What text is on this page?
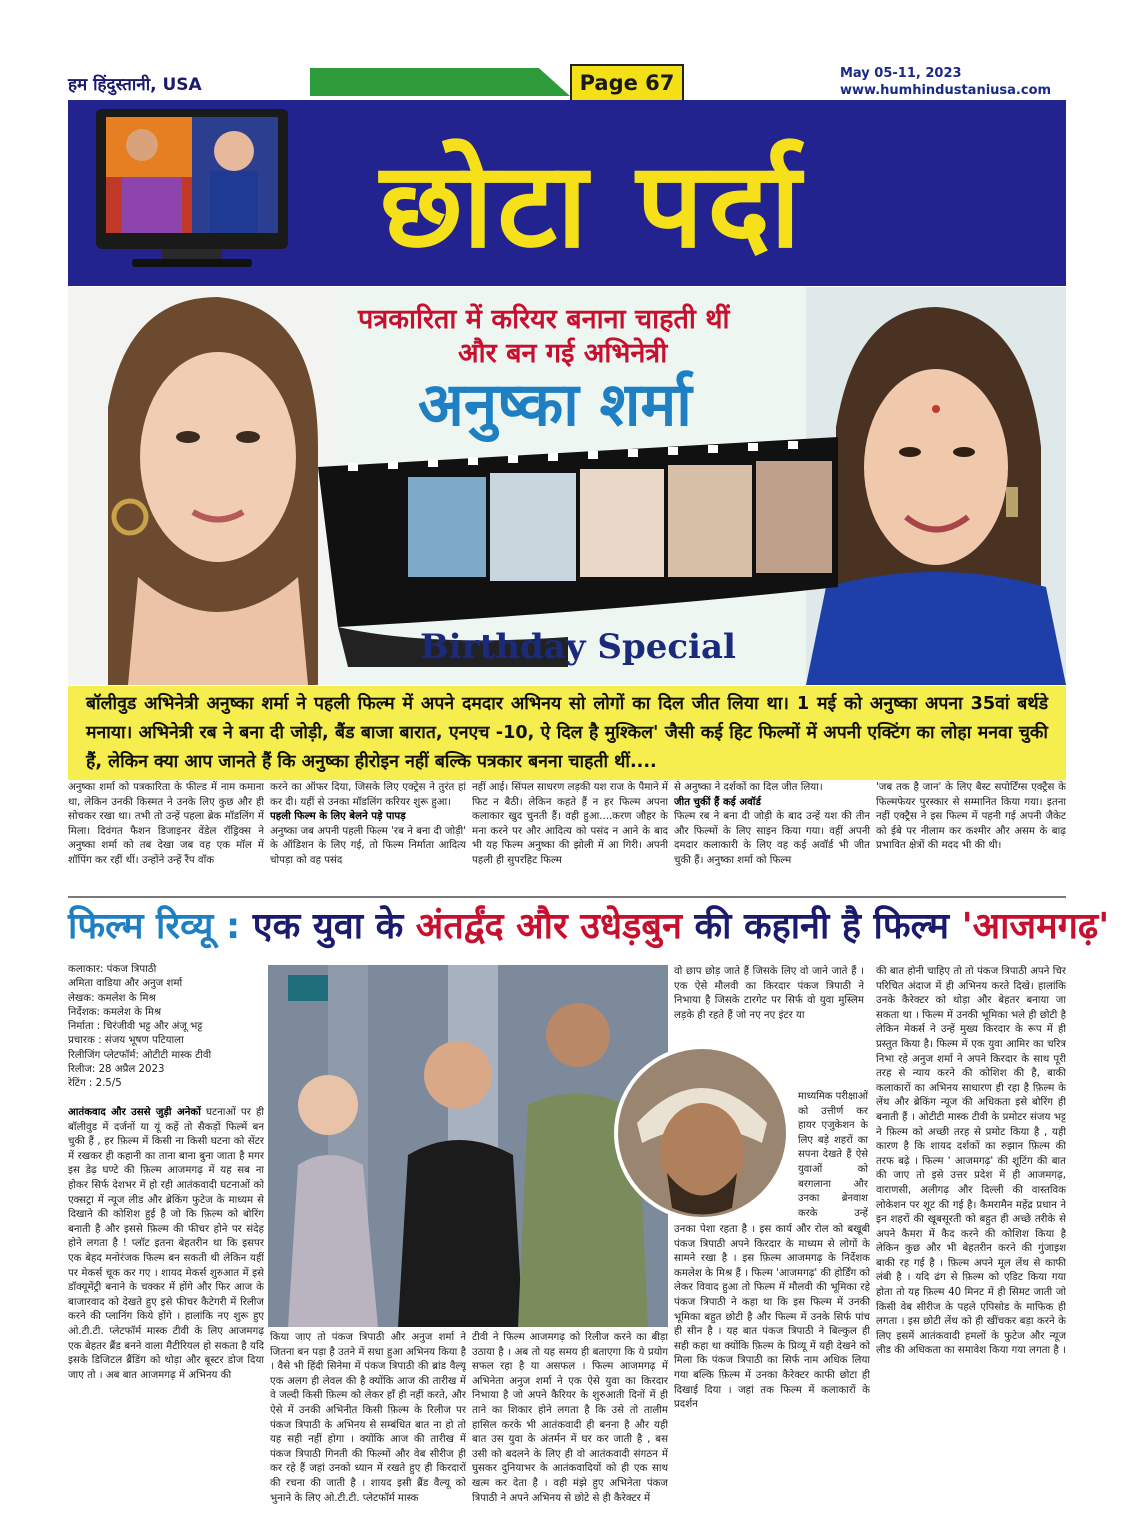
हम हिंदुस्तानी, USA	Page 67	May 05-11, 2023
www.humhindustaniusa.com
छोटा पर्दा
पत्रकारिता में करियर बनाना चाहती थीं
और बन गई अभिनेत्री
अनुष्का शर्मा
Birthday Special
बॉलीवुड अभिनेत्री अनुष्का शर्मा ने पहली फिल्म में अपने दमदार अभिनय सो लोगों का दिल जीत लिया था। 1 मई को अनुष्का अपना 35वां बर्थडे मनाया। अभिनेत्री रब ने बना दी जोड़ी, बैंड बाजा बारात, एनएच -10, ऐ दिल है मुश्किल' जैसी कई हिट फिल्मों में अपनी एक्टिंग का लोहा मनवा चुकी हैं, लेकिन क्या आप जानते हैं कि अनुष्का हीरोइन नहीं बल्कि पत्रकार बनना चाहती थीं....
अनुष्का शर्मा को पत्रकारिता के फील्ड में नाम कमाना था, लेकिन उनकी किस्मत ने उनके लिए कुछ और ही सोचकर रखा था। तभी तो उन्हें पहला ब्रेक मॉडलिंग में मिला। दिवंगत फैशन डिजाइनर वेंडेल रॉड्रिक्स ने अनुष्का शर्मा को तब देखा जब वह एक मॉल में शॉपिंग कर रहीं थीं। उन्होंने उन्हें रैंप वॉक
करने का ऑफर दिया, जिसके लिए एक्ट्रेस ने तुरंत हां कर दी। यहीं से उनका मॉडलिंग करियर शुरू हुआ।
पहली फिल्म के लिए बेलने पड़े पापड़
अनुष्का जब अपनी पहली फिल्म 'रब ने बना दी जोड़ी' के ऑडिशन के लिए गई, तो फिल्म निर्माता आदित्य चोपड़ा को वह पसंद
नहीं आई। सिंपल साधरण लड़की यश राज के पैमाने में फिट न बैठी। लेकिन कहते हैं न हर फिल्म अपना कलाकार खुद चुनती हैं। वही हुआ....करण जौहर के मना करने पर और आदित्य को पसंद न आने के बाद भी यह फिल्म अनुष्का की झोली में आ गिरी। अपनी पहली ही सुपरहिट फिल्म
से अनुष्का ने दर्शकों का दिल जीत लिया।
जीत चुकीं हैं कई अवॉर्ड
फिल्म रब ने बना दी जोड़ी के बाद उन्हें यश की तीन और फिल्मों के लिए साइन किया गया। वहीं अपनी दमदार कलाकारी के लिए वह कई अवॉर्ड भी जीत चुकी हैं। अनुष्का शर्मा को फिल्म
'जब तक है जान' के लिए बैस्ट सपोर्टिंग्स एक्ट्रैस के फिल्मफेयर पुरस्कार से सम्मानित किया गया। इतना नहीं एक्ट्रैस ने इस फिल्म में पहनी गई अपनी जैकेट को ईबे पर नीलाम कर कश्मीर और असम के बाढ़ प्रभावित क्षेत्रों की मदद भी की थी।
फिल्म रिव्यू : एक युवा के अंतर्द्वंद और उधेड़बुन की कहानी है फिल्म 'आजमगढ़'
कलाकार: पंकज त्रिपाठी
अमिता वाडिया और अनुज शर्मा
लेखक: कमलेश के मिश्र
निर्देशक: कमलेश के मिश्र
निर्माता : चिरंजीवी भट्ट और अंजू भट्ट
प्रचारक : संजय भूषण पटियाला
रिलीजिंग प्लेटफॉर्म: ओटीटी मास्क टीवी
रिलीज: 28 अप्रैल 2023
रेटिंग : 2.5/5
आतंकवाद और उससे जुड़ी अनेकों घटनाओं पर ही बॉलीवुड में दर्जनों या यूं कहें तो सैकड़ों फिल्में बन चुकी हैं , हर फ़िल्म में किसी ना किसी घटना को सेंटर में रखकर ही कहानी का ताना बाना बुना जाता है मगर इस डेढ़ घण्टे की फ़िल्म आजमगढ़ में यह सब ना होकर सिर्फ देशभर में हो रही आतंकवादी घटनाओं को एक्सट्रा में न्यूज लीड और ब्रेकिंग फुटेज के माध्यम से दिखाने की कोशिश हुई है जो कि फ़िल्म को बोरिंग बनाती है और इससे फ़िल्म की फीचर होने पर संदेह होने लगता है ! प्लॉट इतना बेहतरीन था कि इसपर एक बेहद मनोरंजक फिल्म बन सकती थी लेकिन यहीं पर मेकर्स चूक कर गए । शायद मेकर्स शुरुआत में इसे डॉक्यूमेंट्री बनाने के चक्कर में होंगे और फिर आज के बाजारवाद को देखते हुए इसे फीचर कैटेगरी में रिलीज करने की प्लानिंग किये होंगे । हालांकि नए शुरू हुए ओ.टी.टी. प्लेटफॉर्म मास्क टीवी के लिए आजमगढ़ एक बेहतर ब्रैंड बनने वाला मैटीरियल हो सकता है यदि इसके डिजिटल ब्रैंडिंग को थोड़ा और बूस्टर डोज दिया जाए तो । अब बात आजमगढ़ में अभिनय की
किया जाए तो पंकज त्रिपाठी और अनुज शर्मा ने जितना बन पड़ा है उतने में सधा हुआ अभिनय किया है । वैसे भी हिंदी सिनेमा में पंकज त्रिपाठी की ब्रांड वैल्यू एक अलग ही लेवल की है क्योंकि आज की तारीख में वे जल्दी किसी फ़िल्म को लेकर हाँ ही नहीं करते, और ऐसे में उनकी अभिनीत किसी फ़िल्म के रिलीज पर पंकज त्रिपाठी के अभिनय से सम्बंधित बात ना हो तो यह सही नहीं होगा । क्योंकि आज की तारीख में पंकज त्रिपाठी गिनती की फिल्मों और वेब सीरीज ही कर रहे हैं जहां उनको ध्यान में रखते हुए ही किरदारों की रचना की जाती है । शायद इसी ब्रैंड वैल्यू को भुनाने के लिए ओ.टी.टी. प्लेटफॉर्म मास्क
टीवी ने फिल्म आजमगढ़ को रिलीज करने का बीड़ा उठाया है । अब तो यह समय ही बताएगा कि ये प्रयोग सफल रहा है या असफल । फिल्म आजमगढ़ में अभिनेता अनुज शर्मा ने एक ऐसे युवा का किरदार निभाया है जो अपने कैरियर के शुरुआती दिनों में ही ताने का शिकार होने लगता है कि उसे तो तालीम हासिल करके भी आतंकवादी ही बनना है और यही बात उस युवा के अंतर्मन में घर कर जाती है , बस उसी को बदलने के लिए ही वो आतंकवादी संगठन में घुसकर दुनियाभर के आतंकवादियों को ही एक साथ खत्म कर देता है । वही मंझे हुए अभिनेता पंकज त्रिपाठी ने अपने अभिनय से छोटे से ही कैरेक्टर में
वो छाप छोड़ जाते हैं जिसके लिए वो जाने जाते हैं । एक ऐसे मौलवी का किरदार पंकज त्रिपाठी ने निभाया है जिसके टारगेट पर सिर्फ वो युवा मुस्लिम लड़के ही रहते हैं जो नए नए इंटर या
माध्यमिक परीक्षाओं को उत्तीर्ण कर हायर एजुकेशन के लिए बड़े शहरों का सपना देखते हैं ऐसे युवाओं को बरगलाना और उनका ब्रेनवाश करके उन्हें
उनका पेशा रहता है । इस कार्य और रोल को बखूबी पंकज त्रिपाठी अपने किरदार के माध्यम से लोगों के सामने रखा है । इस फ़िल्म आजमगढ़ के निर्देशक कमलेश के मिश्र हैं । फिल्म 'आजमगढ़' की होर्डिंग को लेकर विवाद हुआ तो फिल्म में मौलवी की भूमिका रहे पंकज त्रिपाठी ने कहा था कि इस फिल्म में उनकी भूमिका बहुत छोटी है और फिल्म में उनके सिर्फ पांच ही सीन है । यह बात पंकज त्रिपाठी ने बिल्कुल ही सही कहा था क्योंकि फ़िल्म के प्रिव्यू में यही देखने को मिला कि पंकज त्रिपाठी का सिर्फ नाम अधिक लिया गया बल्कि फ़िल्म में उनका कैरेक्टर काफी छोटा ही दिखाई दिया । जहां तक फिल्म में कलाकारों के प्रदर्शन
की बात होनी चाहिए तो तो पंकज त्रिपाठी अपने चिर परिचित अंदाज में ही अभिनय करते दिखे। हालांकि उनके कैरेक्टर को थोड़ा और बेहतर बनाया जा सकता था । फिल्म में उनकी भूमिका भले ही छोटी है लेकिन मेकर्स ने उन्हें मुख्य किरदार के रूप में ही प्रस्तुत किया है। फिल्म में एक युवा आमिर का चरित्र निभा रहे अनुज शर्मा ने अपने किरदार के साथ पूरी तरह से न्याय करने की कोशिश की है, बाकी कलाकारों का अभिनय साधारण ही रहा है फ़िल्म के लेंथ और ब्रेकिंग न्यूज की अधिकता इसे बोरिंग ही बनाती हैं । ओटीटी मास्क टीवी के प्रमोटर संजय भट्ट ने फ़िल्म को अच्छी तरह से प्रमोट किया है , यही कारण है कि शायद दर्शकों का रुझान फ़िल्म की तरफ बढ़े । फिल्म ' आजमगढ़' की शूटिंग की बात की जाए तो इसे उत्तर प्रदेश में ही आजमगढ़, वाराणसी, अलीगढ़ और दिल्ली की वास्तविक लोकेशन पर शूट की गई है। कैमरामैन महेंद्र प्रधान ने इन शहरों की खूबसूरती को बहुत ही अच्छे तरीके से अपने कैमरा में कैद करने की कोशिश किया है लेकिन कुछ और भी बेहतरीन करने की गुंजाइश बाकी रह गई है । फ़िल्म अपने मूल लेंथ से काफी लंबी है । यदि ढंग से फ़िल्म को एडिट किया गया होता तो यह फ़िल्म 40 मिनट में ही सिमट जाती जो किसी वेब सीरीज के पहले एपिसोड के माफिक ही लगता । इस छोटी लेंथ को ही खींचकर बड़ा करने के लिए इसमें आतंकवादी हमलों के फुटेज और न्यूज लीड की अधिकता का समावेश किया गया लगता है ।
